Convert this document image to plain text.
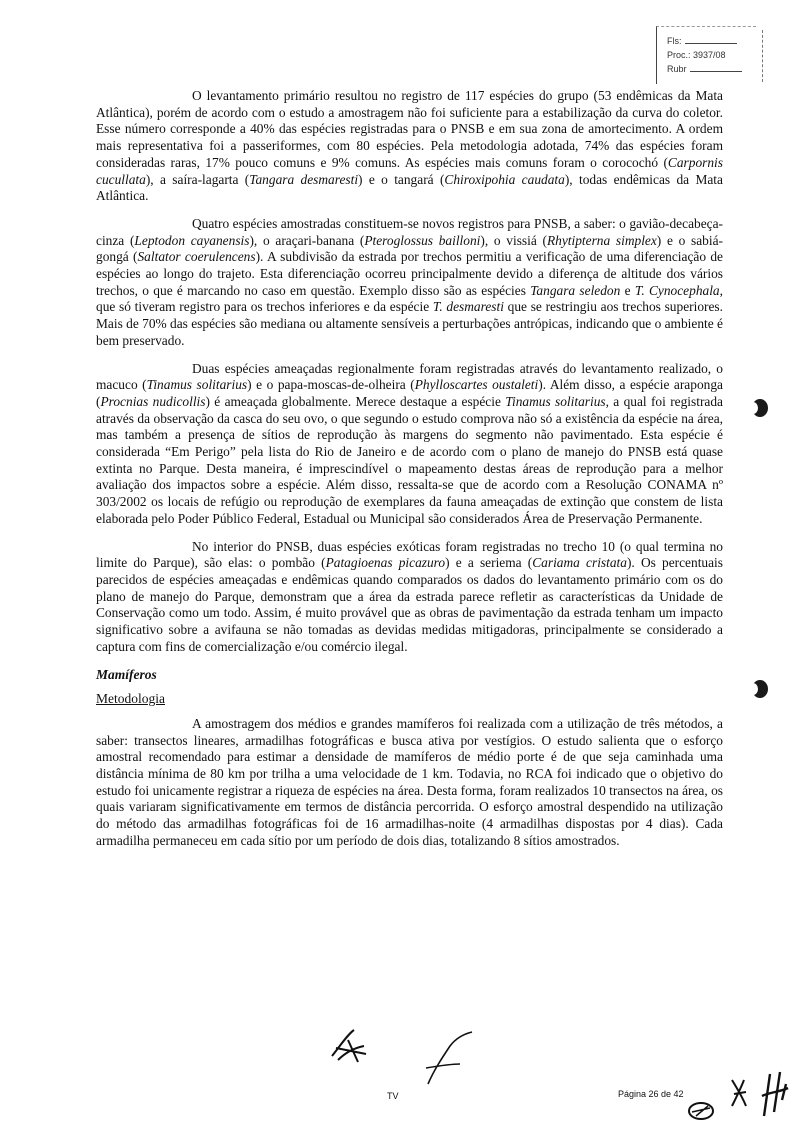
Fls:
Proc.: 3937/08
Rubr

O levantamento primário resultou no registro de 117 espécies do grupo (53 endêmicas da Mata Atlântica), porém de acordo com o estudo a amostragem não foi suficiente para a estabilização da curva do coletor. Esse número corresponde a 40% das espécies registradas para o PNSB e em sua zona de amortecimento. A ordem mais representativa foi a passeriformes, com 80 espécies. Pela metodologia adotada, 74% das espécies foram consideradas raras, 17% pouco comuns e 9% comuns. As espécies mais comuns foram o corocochó (Carpornis cucullata), a saíra-lagarta (Tangara desmaresti) e o tangará (Chiroxipohia caudata), todas endêmicas da Mata Atlântica.

Quatro espécies amostradas constituem-se novos registros para PNSB, a saber: o gavião-decabeça-cinza (Leptodon cayanensis), o araçari-banana (Pteroglossus bailloni), o vissiá (Rhytipterna simplex) e o sabiá-gongá (Saltator coerulencens). A subdivisão da estrada por trechos permitiu a verificação de uma diferenciação de espécies ao longo do trajeto. Esta diferenciação ocorreu principalmente devido a diferença de altitude dos vários trechos, o que é marcando no caso em questão. Exemplo disso são as espécies Tangara seledon e T. Cynocephala, que só tiveram registro para os trechos inferiores e da espécie T. desmaresti que se restringiu aos trechos superiores. Mais de 70% das espécies são mediana ou altamente sensíveis a perturbações antrópicas, indicando que o ambiente é bem preservado.

Duas espécies ameaçadas regionalmente foram registradas através do levantamento realizado, o macuco (Tinamus solitarius) e o papa-moscas-de-olheira (Phylloscartes oustaleti). Além disso, a espécie araponga (Procnias nudicollis) é ameaçada globalmente. Merece destaque a espécie Tinamus solitarius, a qual foi registrada através da observação da casca do seu ovo, o que segundo o estudo comprova não só a existência da espécie na área, mas também a presença de sítios de reprodução às margens do segmento não pavimentado. Esta espécie é considerada “Em Perigo” pela lista do Rio de Janeiro e de acordo com o plano de manejo do PNSB está quase extinta no Parque. Desta maneira, é imprescindível o mapeamento destas áreas de reprodução para a melhor avaliação dos impactos sobre a espécie. Além disso, ressalta-se que de acordo com a Resolução CONAMA nº 303/2002 os locais de refúgio ou reprodução de exemplares da fauna ameaçadas de extinção que constem de lista elaborada pelo Poder Público Federal, Estadual ou Municipal são considerados Área de Preservação Permanente.

No interior do PNSB, duas espécies exóticas foram registradas no trecho 10 (o qual termina no limite do Parque), são elas: o pombão (Patagioenas picazuro) e a seriema (Cariama cristata). Os percentuais parecidos de espécies ameaçadas e endêmicas quando comparados os dados do levantamento primário com os do plano de manejo do Parque, demonstram que a área da estrada parece refletir as características da Unidade de Conservação como um todo. Assim, é muito provável que as obras de pavimentação da estrada tenham um impacto significativo sobre a avifauna se não tomadas as devidas medidas mitigadoras, principalmente se considerado a captura com fins de comercialização e/ou comércio ilegal.

Mamíferos
Metodologia

A amostragem dos médios e grandes mamíferos foi realizada com a utilização de três métodos, a saber: transectos lineares, armadilhas fotográficas e busca ativa por vestígios. O estudo salienta que o esforço amostral recomendado para estimar a densidade de mamíferos de médio porte é de que seja caminhada uma distância mínima de 80 km por trilha a uma velocidade de 1 km. Todavia, no RCA foi indicado que o objetivo do estudo foi unicamente registrar a riqueza de espécies na área. Desta forma, foram realizados 10 transectos na área, os quais variaram significativamente em termos de distância percorrida. O esforço amostral despendido na utilização do método das armadilhas fotográficas foi de 16 armadilhas-noite (4 armadilhas dispostas por 4 dias). Cada armadilha permaneceu em cada sítio por um período de dois dias, totalizando 8 sítios amostrados.

TV	Página 26 de 42
